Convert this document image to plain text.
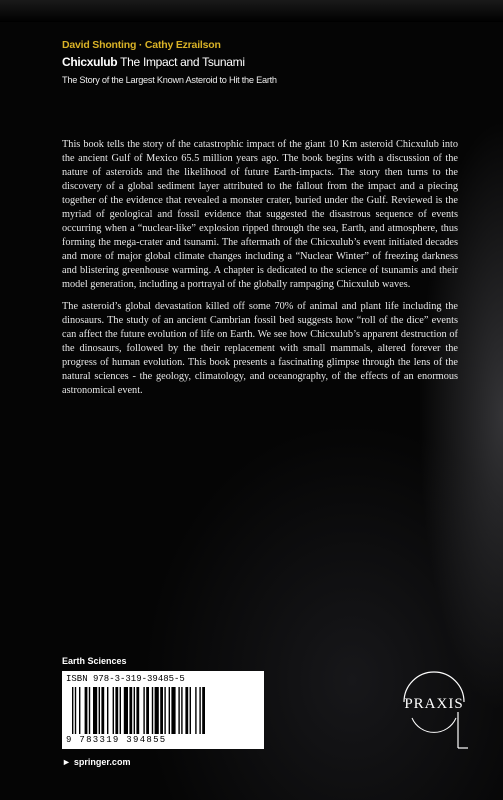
David Shonting · Cathy Ezrailson
Chicxulub The Impact and Tsunami
The Story of the Largest Known Asteroid to Hit the Earth

This book tells the story of the catastrophic impact of the giant 10 Km asteroid Chicxulub into the ancient Gulf of Mexico 65.5 million years ago. The book begins with a discussion of the nature of asteroids and the likelihood of future Earth-impacts. The story then turns to the discovery of a global sediment layer attributed to the fallout from the impact and a piecing together of the evidence that revealed a monster crater, buried under the Gulf. Reviewed is the myriad of geological and fossil evidence that suggested the disastrous sequence of events occurring when a “nuclear-like” explosion ripped through the sea, Earth, and atmosphere, thus forming the mega-crater and tsunami. The aftermath of the Chicxulub’s event initiated decades and more of major global climate changes including a “Nuclear Winter” of freezing darkness and blistering greenhouse warming. A chapter is dedicated to the science of tsunamis and their model generation, including a portrayal of the globally rampaging Chicxulub waves.

The asteroid’s global devastation killed off some 70% of animal and plant life including the dinosaurs. The study of an ancient Cambrian fossil bed suggests how “roll of the dice” events can affect the future evolution of life on Earth. We see how Chicxulub’s apparent destruction of the dinosaurs, followed by the their replacement with small mammals, altered forever the progress of human evolution. This book presents a fascinating glimpse through the lens of the natural sciences - the geology, climatology, and oceanography, of the effects of an enormous astronomical event.

Earth Sciences
ISBN 978-3-319-39485-5
9 783319 394855
► springer.com
PRAXIS
